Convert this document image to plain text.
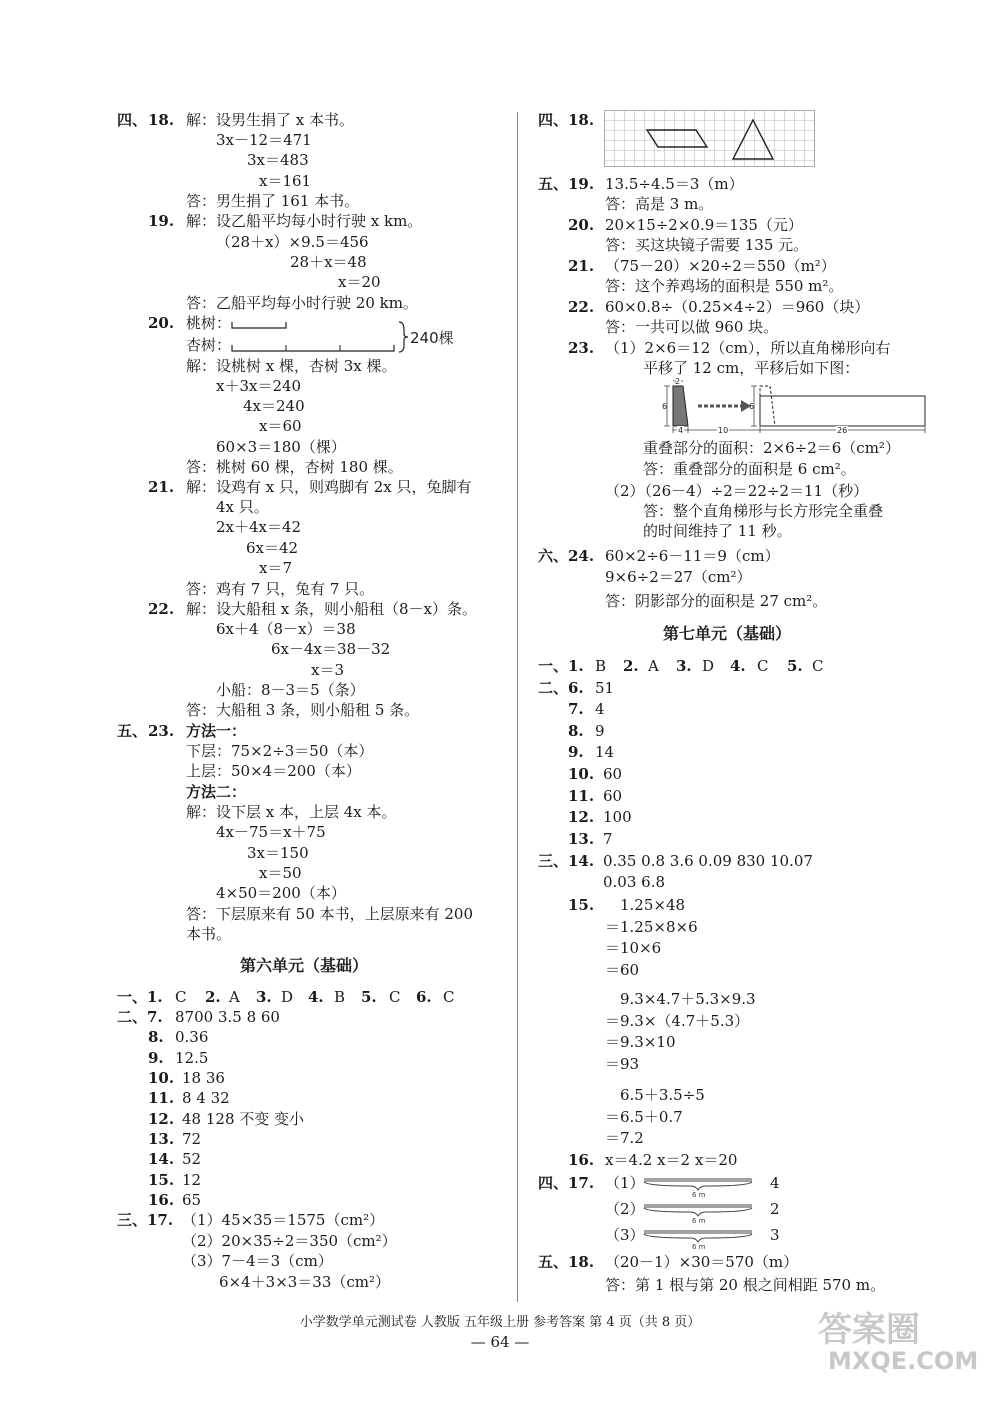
四、 18. 解：设男生捐了 x 本书。
3x－12＝471
3x＝483
x＝161
答：男生捐了 161 本书。
19. 解：设乙船平均每小时行驶 x km。
（28＋x）×9.5＝456
28＋x＝48
x＝20
答：乙船平均每小时行驶 20 km。
20. 桃树：
杏树：
解：设桃树 x 棵，杏树 3x 棵。
x＋3x＝240
4x＝240
x＝60
60×3＝180（棵）
答：桃树 60 棵，杏树 180 棵。
21. 解：设鸡有 x 只，则鸡脚有 2x 只，兔脚有
4x 只。
2x＋4x＝42
6x＝42
x＝7
答：鸡有 7 只，兔有 7 只。
22. 解：设大船租 x 条，则小船租（8－x）条。
6x＋4（8－x）＝38
6x－4x＝38－32
x＝3
小船：8－3＝5（条）
答：大船租 3 条，则小船租 5 条。
五、 23. 方法一：
下层：75×2÷3＝50（本）
上层：50×4＝200（本）
方法二：
解：设下层 x 本，上层 4x 本。
4x－75＝x＋75
3x＝150
x＝50
4×50＝200（本）
答：下层原来有 50 本书，上层原来有 200
本书。
第六单元（基础）
一、1. C 2. A 3. D 4. B 5. C 6. C
二、7. 8700 3.5 8 60
8. 0.36
9. 12.5
10. 18 36
11. 8 4 32
12. 48 128 不变 变小
13. 72
14. 52
15. 12
16. 65
三、17. （1）45×35＝1575（cm²）
（2）20×35÷2＝350（cm²）
（3）7－4＝3（cm）
6×4＋3×3＝33（cm²）
四、 18.
五、 19. 13.5÷4.5＝3（m）
答：高是 3 m。
20. 20×15÷2×0.9＝135（元）
答：买这块镜子需要 135 元。
21. （75－20）×20÷2＝550（m²）
答：这个养鸡场的面积是 550 m²。
22. 60×0.8÷（0.25×4÷2）＝960（块）
答：一共可以做 960 块。
23. （1）2×6＝12（cm），所以直角梯形向右
平移了 12 cm，平移后如下图：
重叠部分的面积：2×6÷2＝6（cm²）
答：重叠部分的面积是 6 cm²。
（2）（26－4）÷2＝22÷2＝11（秒）
答：整个直角梯形与长方形完全重叠
的时间维持了 11 秒。
六、 24. 60×2÷6－11＝9（cm）
9×6÷2＝27（cm²）
答：阴影部分的面积是 27 cm²。
第七单元（基础）
一、1. B 2. A 3. D 4. C 5. C
二、6. 51
7. 4
8. 9
9. 14
10. 60
11. 60
12. 100
13. 7
三、14. 0.35 0.8 3.6 0.09 830 10.07
0.03 6.8
15. 1.25×48
＝1.25×8×6
＝10×6
＝60
9.3×4.7＋5.3×9.3
＝9.3×（4.7＋5.3）
＝9.3×10
＝93
6.5＋3.5÷5
＝6.5＋0.7
＝7.2
16. x＝4.2 x＝2 x＝20
四、 17. （1）	4
（2）	2
（3）	3
五、 18. （20－1）×30＝570（m）
答：第 1 根与第 20 根之间相距 570 m。
240棵
2
6	6
4	10	26
6 m
6 m
6 m
小学数学单元测试卷 人教版 五年级上册 参考答案 第 4 页（共 8 页）
— 64 —	答案圈
MXQE.COM
